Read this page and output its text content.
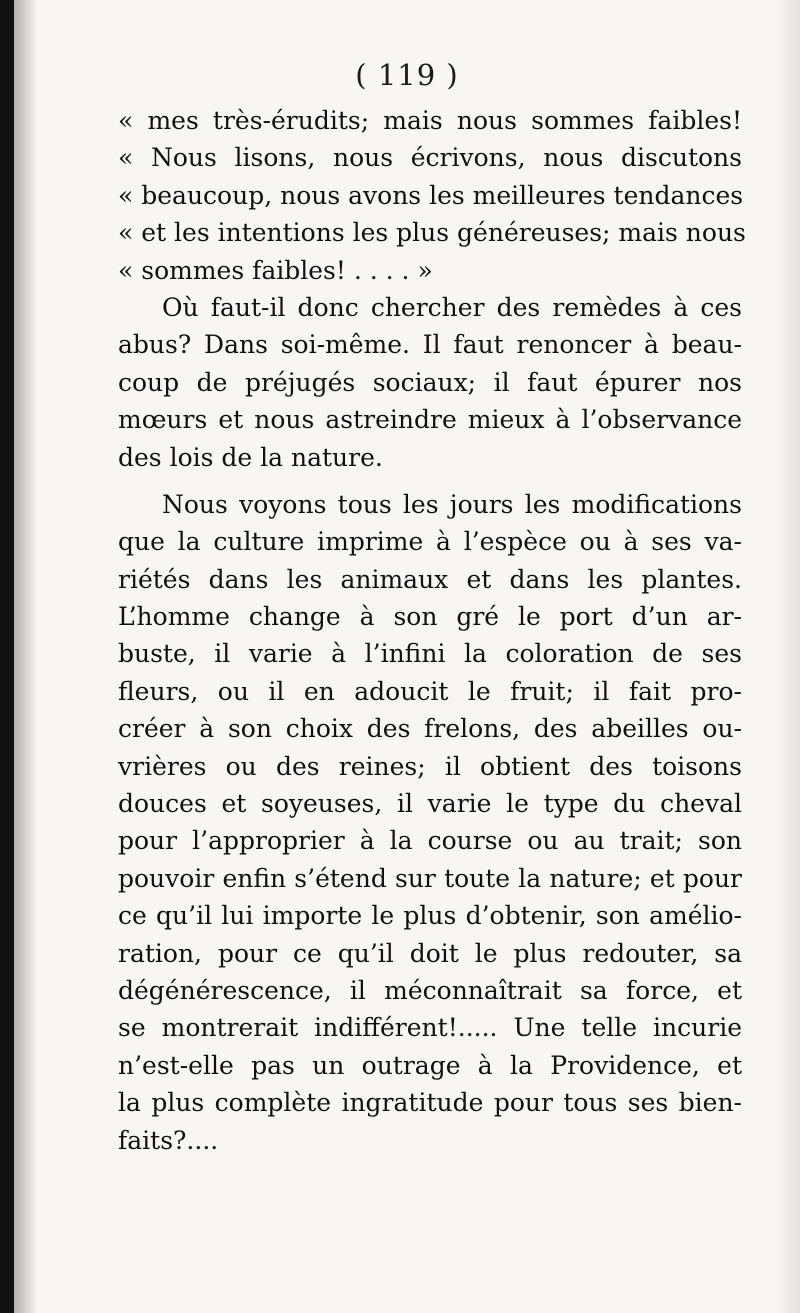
( 119 )
« mes très-érudits; mais nous sommes faibles!
« Nous lisons, nous écrivons, nous discutons
« beaucoup, nous avons les meilleures tendances
« et les intentions les plus généreuses; mais nous
« sommes faibles! . . . . »
Où faut-il donc chercher des remèdes à ces
abus? Dans soi-même. Il faut renoncer à beau-
coup de préjugés sociaux; il faut épurer nos
mœurs et nous astreindre mieux à l’observance
des lois de la nature.
Nous voyons tous les jours les modifications
que la culture imprime à l’espèce ou à ses va-
riétés dans les animaux et dans les plantes.
L’homme change à son gré le port d’un ar-
buste, il varie à l’infini la coloration de ses
fleurs, ou il en adoucit le fruit; il fait pro-
créer à son choix des frelons, des abeilles ou-
vrières ou des reines; il obtient des toisons
douces et soyeuses, il varie le type du cheval
pour l’approprier à la course ou au trait; son
pouvoir enfin s’étend sur toute la nature; et pour
ce qu’il lui importe le plus d’obtenir, son amélio-
ration, pour ce qu’il doit le plus redouter, sa
dégénérescence, il méconnaîtrait sa force, et
se montrerait indifférent!..... Une telle incurie
n’est-elle pas un outrage à la Providence, et
la plus complète ingratitude pour tous ses bien-
faits?....
